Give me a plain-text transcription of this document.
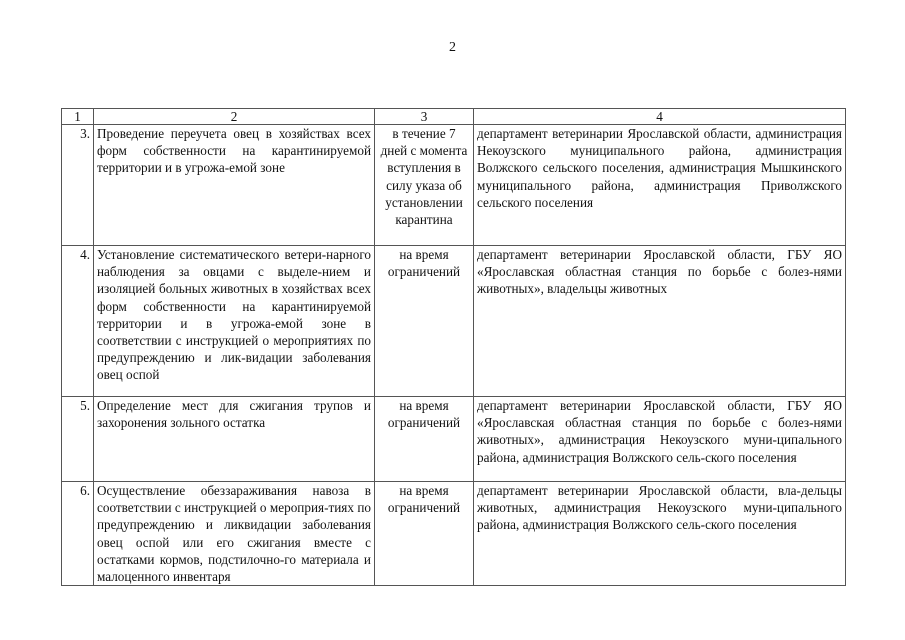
2
1	2	3	4
3.	Проведение переучета овец в хозяйствах всех форм собственности на карантинируемой территории и в угрожа-емой зоне	в течение 7 дней с момента вступления в силу указа об установлении карантина	департамент ветеринарии Ярославской области, администрация Некоузского муниципального района, администрация Волжского сельского поселения, администрация Мышкинского муниципального района, администрация Приволжского сельского поселения
4.	Установление систематического ветери-нарного наблюдения за овцами с выделе-нием и изоляцией больных животных в хозяйствах всех форм собственности на карантинируемой территории и в угрожа-емой зоне в соответствии с инструкцией о мероприятиях по предупреждению и лик-видации заболевания овец оспой	на время ограничений	департамент ветеринарии Ярославской области, ГБУ ЯО «Ярославская областная станция по борьбе с болез-нями животных», владельцы животных
5.	Определение мест для сжигания трупов и захоронения зольного остатка	на время ограничений	департамент ветеринарии Ярославской области, ГБУ ЯО «Ярославская областная станция по борьбе с болез-нями животных», администрация Некоузского муни-ципального района, администрация Волжского сель-ского поселения
6.	Осуществление обеззараживания навоза в соответствии с инструкцией о мероприя-тиях по предупреждению и ликвидации заболевания овец оспой или его сжигания вместе с остатками кормов, подстилочно-го материала и малоценного инвентаря	на время ограничений	департамент ветеринарии Ярославской области, вла-дельцы животных, администрация Некоузского муни-ципального района, администрация Волжского сель-ского поселения
